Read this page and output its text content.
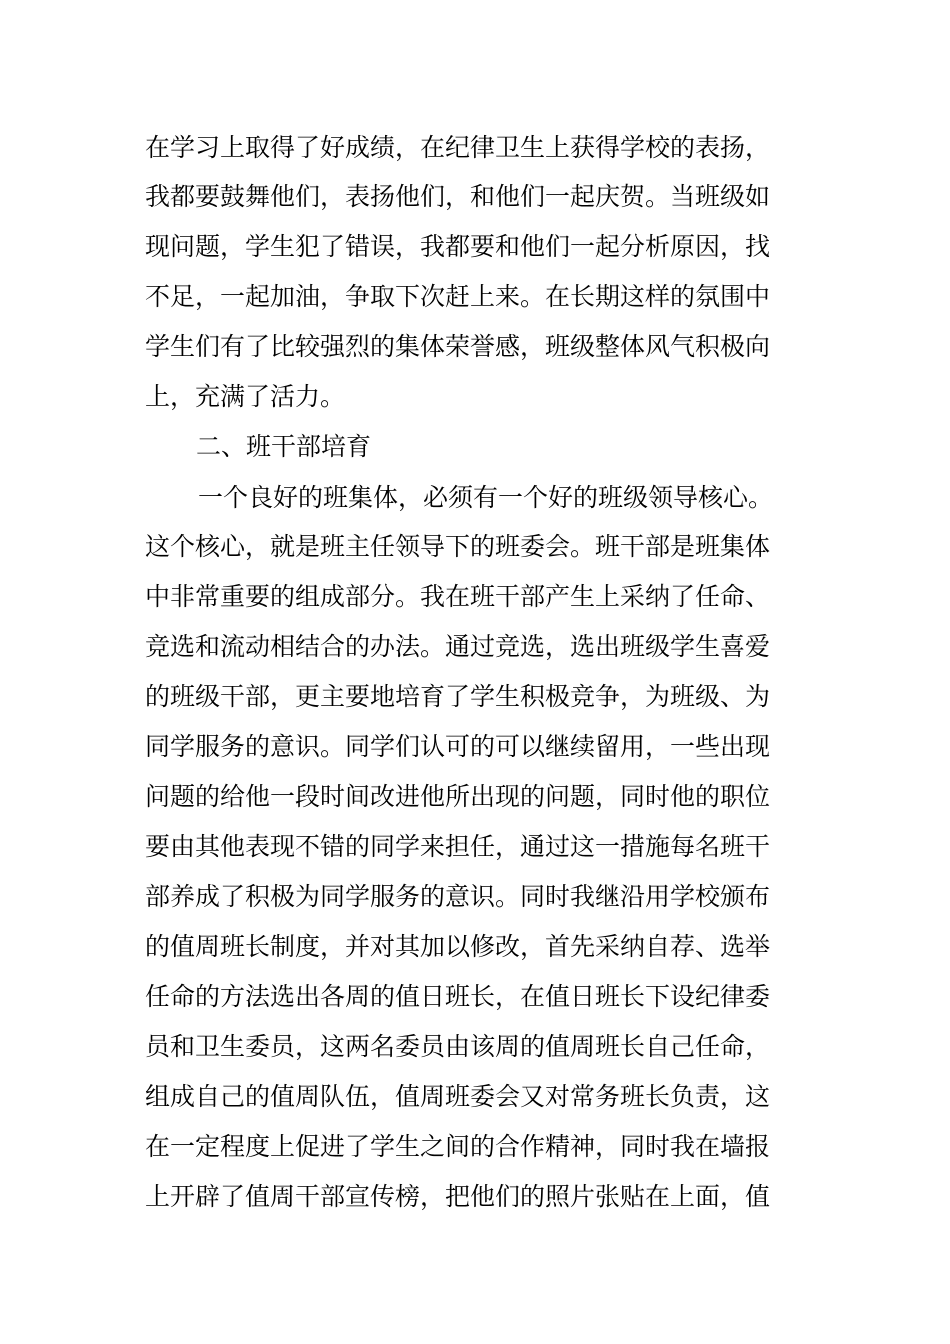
在学习上取得了好成绩，在纪律卫生上获得学校的表扬，
我都要鼓舞他们，表扬他们，和他们一起庆贺。当班级如
现问题，学生犯了错误，我都要和他们一起分析原因，找
不足，一起加油，争取下次赶上来。在长期这样的氛围中
学生们有了比较强烈的集体荣誉感，班级整体风气积极向
上，充满了活力。
二、班干部培育
一个良好的班集体，必须有一个好的班级领导核心。
这个核心，就是班主任领导下的班委会。班干部是班集体
中非常重要的组成部分。我在班干部产生上采纳了任命、
竞选和流动相结合的办法。通过竞选，选出班级学生喜爱
的班级干部，更主要地培育了学生积极竞争，为班级、为
同学服务的意识。同学们认可的可以继续留用，一些出现
问题的给他一段时间改进他所出现的问题，同时他的职位
要由其他表现不错的同学来担任，通过这一措施每名班干
部养成了积极为同学服务的意识。同时我继沿用学校颁布
的值周班长制度，并对其加以修改，首先采纳自荐、选举
任命的方法选出各周的值日班长，在值日班长下设纪律委
员和卫生委员，这两名委员由该周的值周班长自己任命，
组成自己的值周队伍，值周班委会又对常务班长负责，这
在一定程度上促进了学生之间的合作精神，同时我在墙报
上开辟了值周干部宣传榜，把他们的照片张贴在上面，值
